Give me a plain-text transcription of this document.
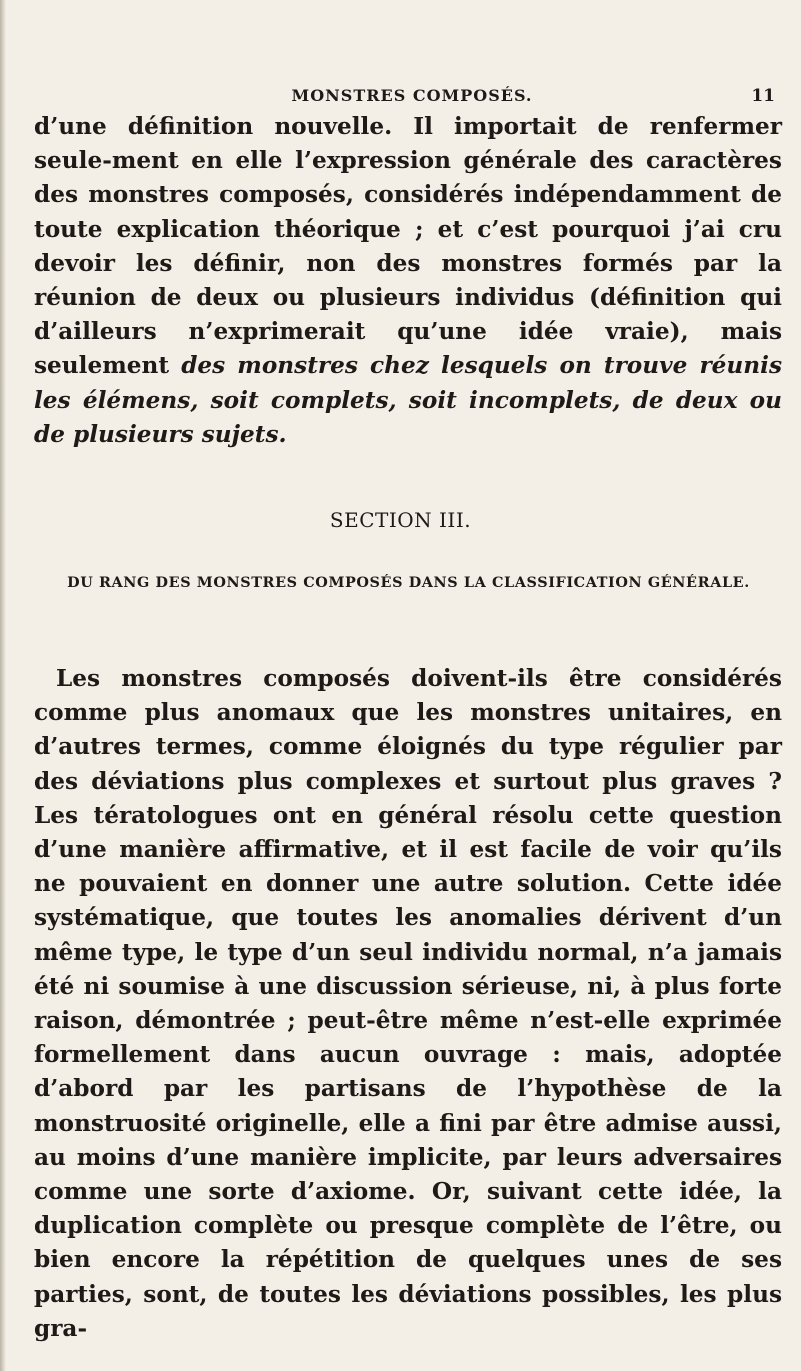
MONSTRES COMPOSÉS.	11

d’une définition nouvelle. Il importait de renfermer seule-ment en elle l’expression générale des caractères des monstres composés, considérés indépendamment de toute explication théorique ; et c’est pourquoi j’ai cru devoir les définir, non des monstres formés par la réunion de deux ou plusieurs individus (définition qui d’ailleurs n’exprimerait qu’une idée vraie), mais seulement des monstres chez lesquels on trouve réunis les élémens, soit complets, soit incomplets, de deux ou de plusieurs sujets.

SECTION III.
DU RANG DES MONSTRES COMPOSÉS DANS LA CLASSIFICATION GÉNÉRALE.

Les monstres composés doivent-ils être considérés comme plus anomaux que les monstres unitaires, en d’autres termes, comme éloignés du type régulier par des déviations plus complexes et surtout plus graves ? Les tératologues ont en général résolu cette question d’une manière affirmative, et il est facile de voir qu’ils ne pouvaient en donner une autre solution. Cette idée systématique, que toutes les anomalies dérivent d’un même type, le type d’un seul individu normal, n’a jamais été ni soumise à une discussion sérieuse, ni, à plus forte raison, démontrée ; peut-être même n’est-elle exprimée formellement dans aucun ouvrage : mais, adoptée d’abord par les partisans de l’hypothèse de la monstruosité originelle, elle a fini par être admise aussi, au moins d’une manière implicite, par leurs adversaires comme une sorte d’axiome. Or, suivant cette idée, la duplication complète ou presque complète de l’être, ou bien encore la répétition de quelques unes de ses parties, sont, de toutes les déviations possibles, les plus gra-
